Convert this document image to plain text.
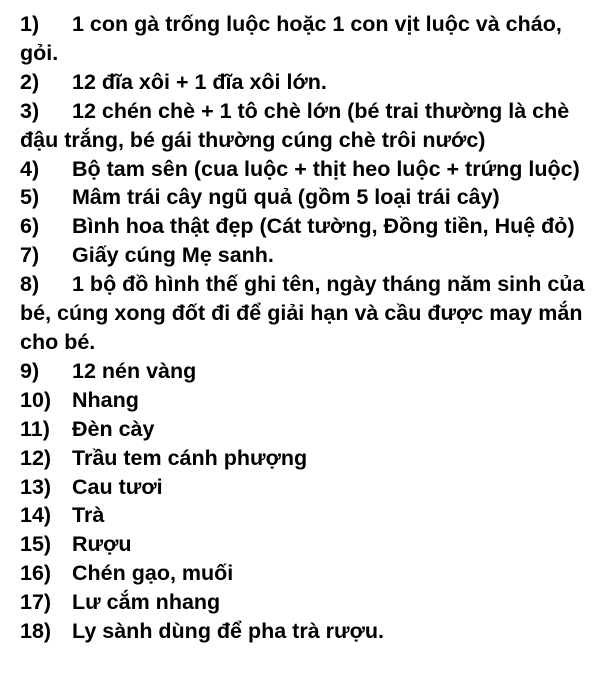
1) 1 con gà trống luộc hoặc 1 con vịt luộc và cháo, gỏi.

2) 12 đĩa xôi + 1 đĩa xôi lớn.

3) 12 chén chè + 1 tô chè lớn (bé trai thường là chè đậu trắng, bé gái thường cúng chè trôi nước)

4) Bộ tam sên (cua luộc + thịt heo luộc + trứng luộc)

5) Mâm trái cây ngũ quả (gồm 5 loại trái cây)

6) Bình hoa thật đẹp (Cát tường, Đồng tiền, Huệ đỏ)

7) Giấy cúng Mẹ sanh.

8) 1 bộ đồ hình thế ghi tên, ngày tháng năm sinh của bé, cúng xong đốt đi để giải hạn và cầu được may mắn cho bé.

9) 12 nén vàng

10) Nhang

11) Đèn cày

12) Trầu tem cánh phượng

13) Cau tươi

14) Trà

15) Rượu

16) Chén gạo, muối

17) Lư cắm nhang

18) Ly sành dùng để pha trà rượu.
